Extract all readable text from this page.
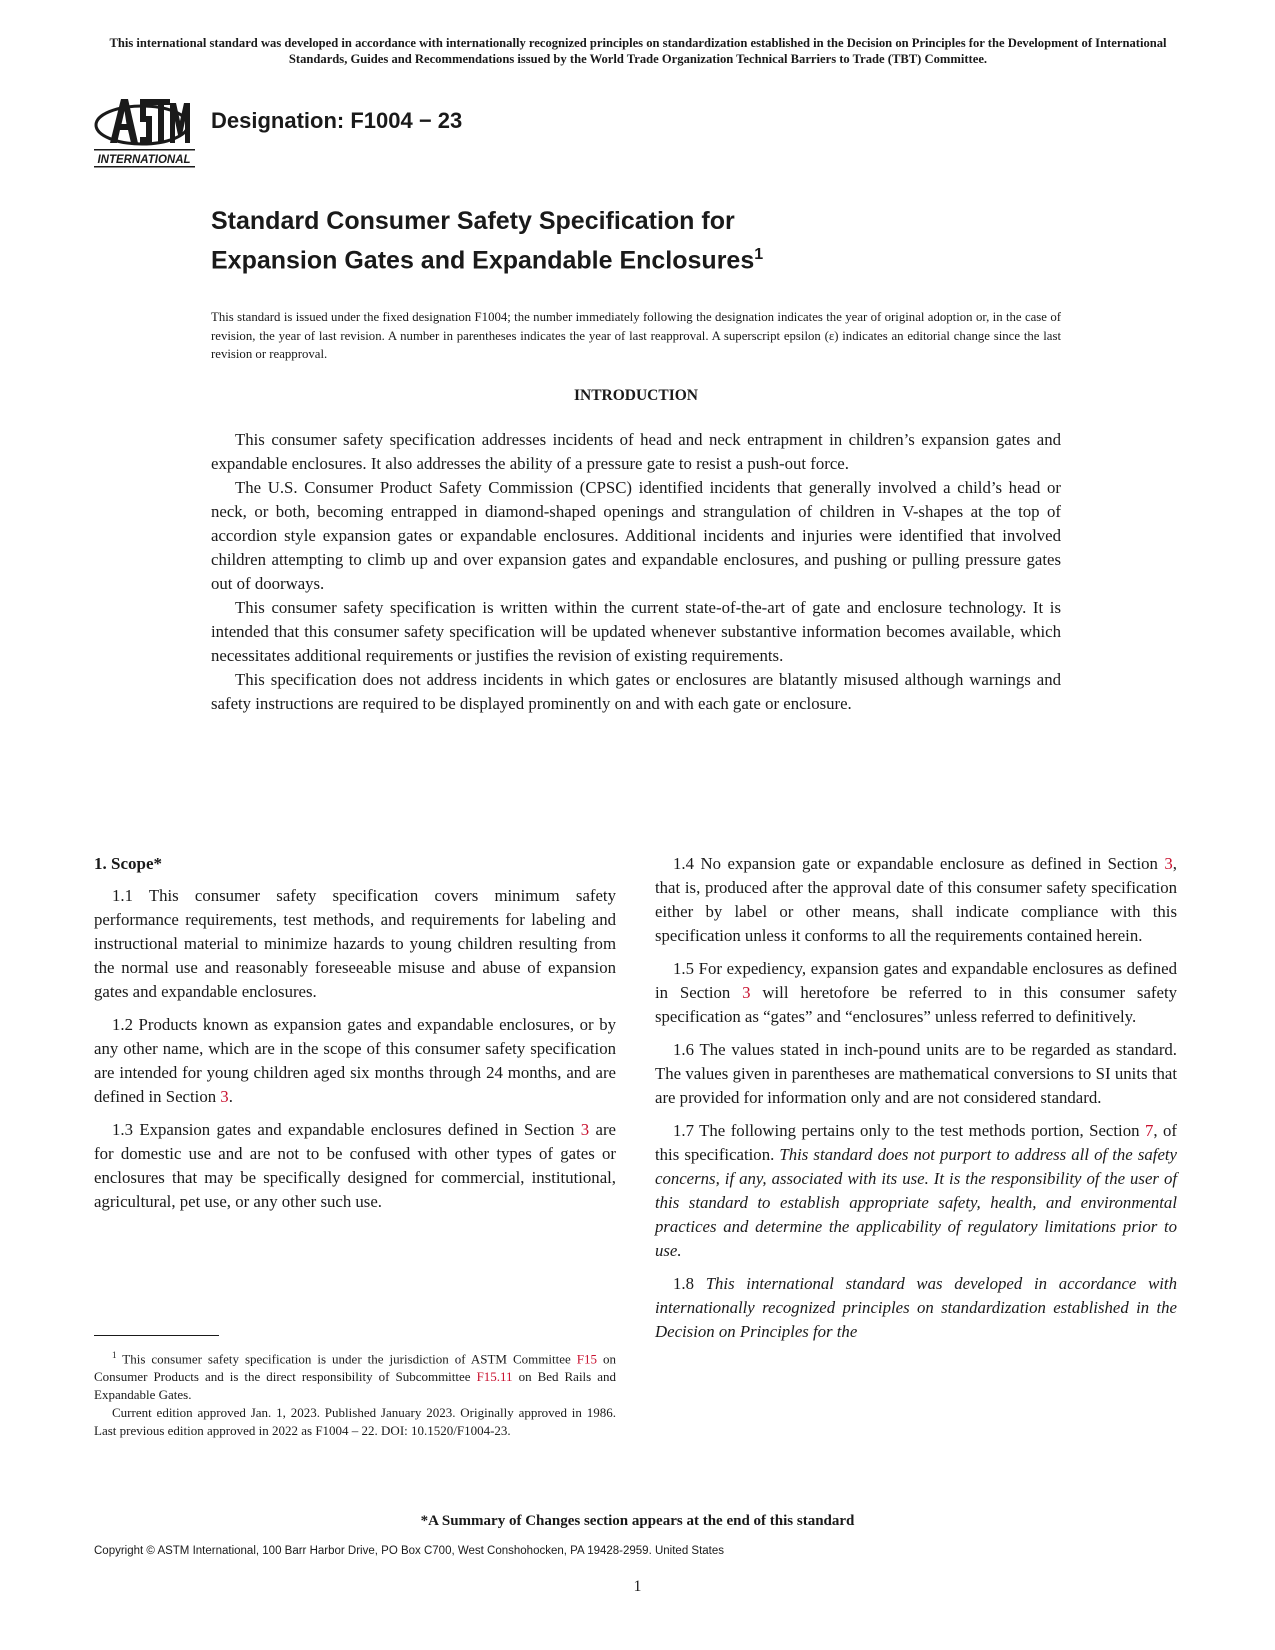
This international standard was developed in accordance with internationally recognized principles on standardization established in the Decision on Principles for the Development of International Standards, Guides and Recommendations issued by the World Trade Organization Technical Barriers to Trade (TBT) Committee.
INTERNATIONAL
Designation: F1004 − 23
Standard Consumer Safety Specification for
Expansion Gates and Expandable Enclosures$^1$

This standard is issued under the fixed designation F1004; the number immediately following the designation indicates the year of original adoption or, in the case of revision, the year of last revision. A number in parentheses indicates the year of last reapproval. A superscript epsilon (ε) indicates an editorial change since the last revision or reapproval.

INTRODUCTION

This consumer safety specification addresses incidents of head and neck entrapment in children’s expansion gates and expandable enclosures. It also addresses the ability of a pressure gate to resist a push-out force.

The U.S. Consumer Product Safety Commission (CPSC) identified incidents that generally involved a child’s head or neck, or both, becoming entrapped in diamond-shaped openings and strangulation of children in V-shapes at the top of accordion style expansion gates or expandable enclosures. Additional incidents and injuries were identified that involved children attempting to climb up and over expansion gates and expandable enclosures, and pushing or pulling pressure gates out of doorways.

This consumer safety specification is written within the current state-of-the-art of gate and enclosure technology. It is intended that this consumer safety specification will be updated whenever substantive information becomes available, which necessitates additional requirements or justifies the revision of existing requirements.

This specification does not address incidents in which gates or enclosures are blatantly misused although warnings and safety instructions are required to be displayed prominently on and with each gate or enclosure.

1. Scope*

1.1 This consumer safety specification covers minimum safety performance requirements, test methods, and requirements for labeling and instructional material to minimize hazards to young children resulting from the normal use and reasonably foreseeable misuse and abuse of expansion gates and expandable enclosures.

1.2 Products known as expansion gates and expandable enclosures, or by any other name, which are in the scope of this consumer safety specification are intended for young children aged six months through 24 months, and are defined in Section 3.

1.3 Expansion gates and expandable enclosures defined in Section 3 are for domestic use and are not to be confused with other types of gates or enclosures that may be specifically designed for commercial, institutional, agricultural, pet use, or any other such use.

1.4 No expansion gate or expandable enclosure as defined in Section 3, that is, produced after the approval date of this consumer safety specification either by label or other means, shall indicate compliance with this specification unless it conforms to all the requirements contained herein.

1.5 For expediency, expansion gates and expandable enclosures as defined in Section 3 will heretofore be referred to in this consumer safety specification as “gates” and “enclosures” unless referred to definitively.

1.6 The values stated in inch-pound units are to be regarded as standard. The values given in parentheses are mathematical conversions to SI units that are provided for information only and are not considered standard.

1.7 The following pertains only to the test methods portion, Section 7, of this specification. This standard does not purport to address all of the safety concerns, if any, associated with its use. It is the responsibility of the user of this standard to establish appropriate safety, health, and environmental practices and determine the applicability of regulatory limitations prior to use.

1.8 This international standard was developed in accordance with internationally recognized principles on standardization established in the Decision on Principles for the

$^1$ This consumer safety specification is under the jurisdiction of ASTM Committee F15 on Consumer Products and is the direct responsibility of Subcommittee F15.11 on Bed Rails and Expandable Gates.

Current edition approved Jan. 1, 2023. Published January 2023. Originally approved in 1986. Last previous edition approved in 2022 as F1004 – 22. DOI: 10.1520/F1004-23.

*A Summary of Changes section appears at the end of this standard
Copyright © ASTM International, 100 Barr Harbor Drive, PO Box C700, West Conshohocken, PA 19428-2959. United States
1
